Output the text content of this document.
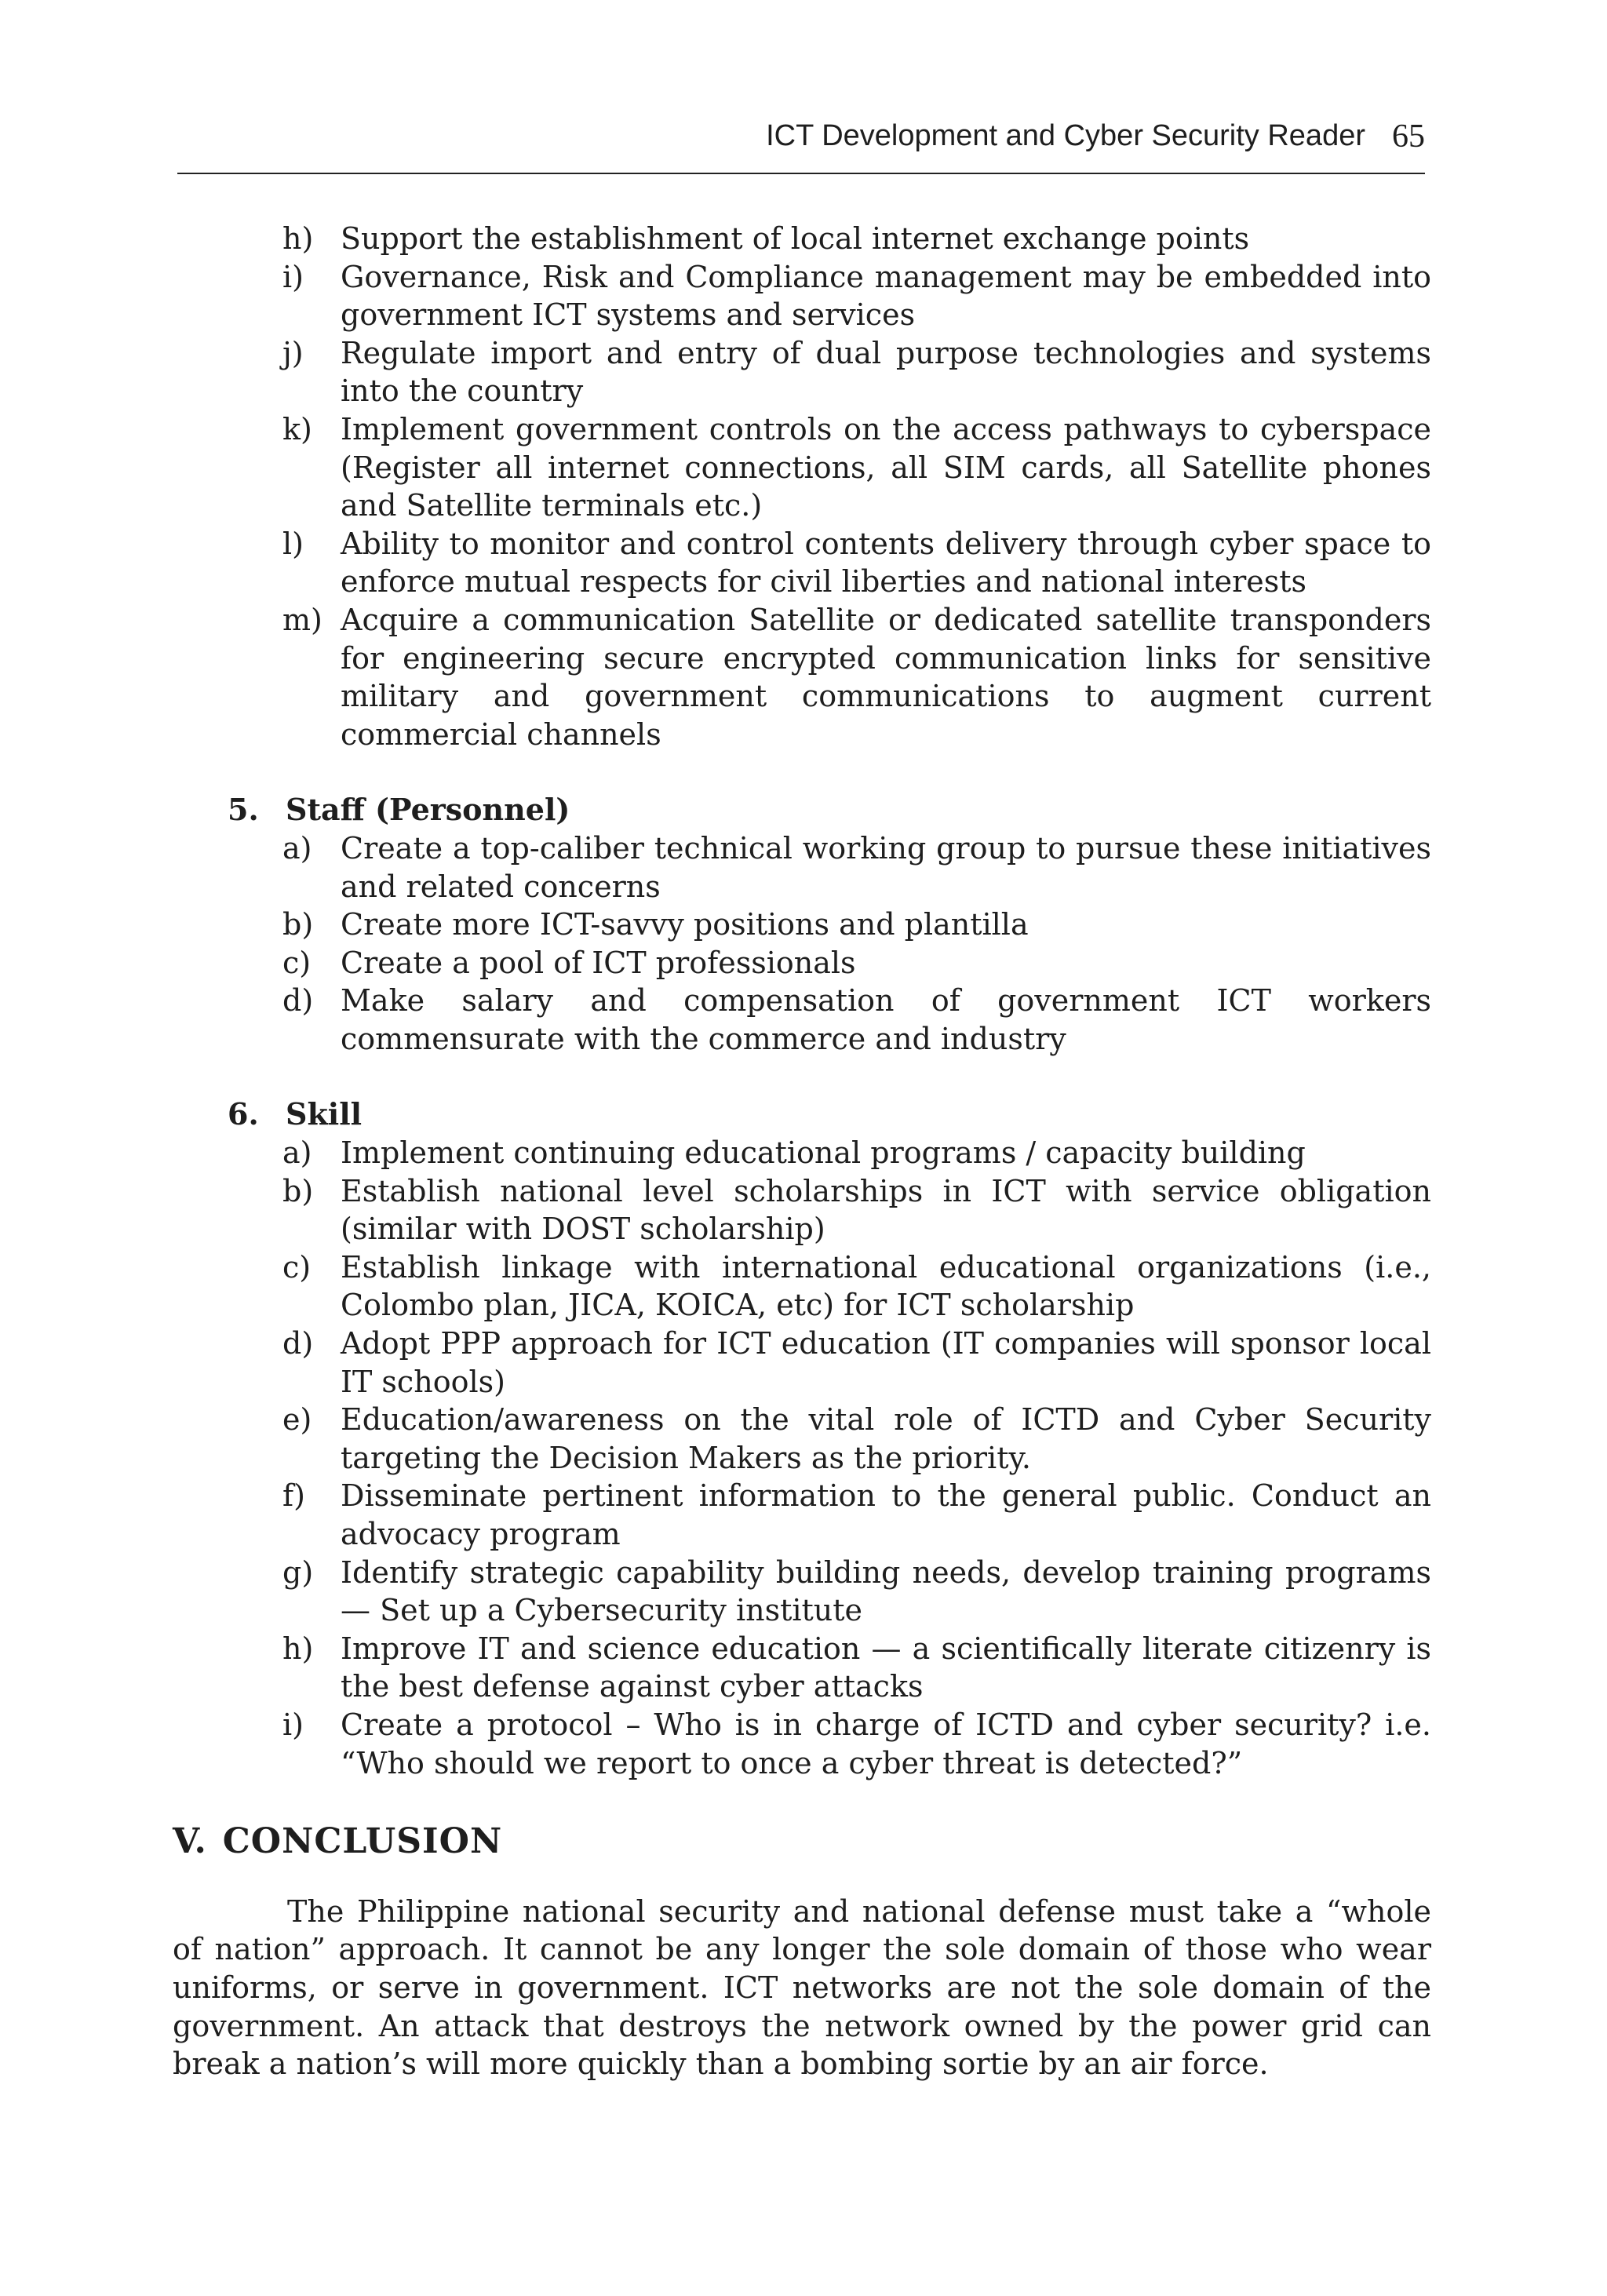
ICT Development and Cyber Security Reader 65
h) Support the establishment of local internet exchange points
i)	Governance, Risk and Compliance management may be embedded into government ICT systems and services
j)	Regulate import and entry of dual purpose technologies and systems into the country
k) Implement government controls on the access pathways to cyberspace (Register all internet connections, all SIM cards, all Satellite phones and Satellite terminals etc.)
l)	Ability to monitor and control contents delivery through cyber space to enforce mutual respects for civil liberties and national interests
m) Acquire a communication Satellite or dedicated satellite transponders for engineering secure encrypted communication links for sensitive military and government communications to augment current commercial channels
5. Staff (Personnel)
a) Create a top-caliber technical working group to pursue these initiatives and related concerns
b) Create more ICT-savvy positions and plantilla
c) Create a pool of ICT professionals
d) Make salary and compensation of government ICT workers commensurate with the commerce and industry
6. Skill
a) Implement continuing educational programs / capacity building
b) Establish national level scholarships in ICT with service obligation (similar with DOST scholarship)
c) Establish linkage with international educational organizations (i.e., Colombo plan, JICA, KOICA, etc) for ICT scholarship
d) Adopt PPP approach for ICT education (IT companies will sponsor local IT schools)
e) Education/awareness on the vital role of ICTD and Cyber Security targeting the Decision Makers as the priority.
f)	Disseminate pertinent information to the general public. Conduct an advocacy program
g) Identify strategic capability building needs, develop training programs— Set up a Cybersecurity institute
h) Improve IT and science education — a scientifically literate citizenry is the best defense against cyber attacks
i)	Create a protocol – Who is in charge of ICTD and cyber security? i.e. “Who should we report to once a cyber threat is detected?”
V. CONCLUSION

The Philippine national security and national defense must take a “whole of nation” approach. It cannot be any longer the sole domain of those who wear uniforms, or serve in government. ICT networks are not the sole domain of the government. An attack that destroys the network owned by the power grid can break a nation’s will more quickly than a bombing sortie by an air force.
